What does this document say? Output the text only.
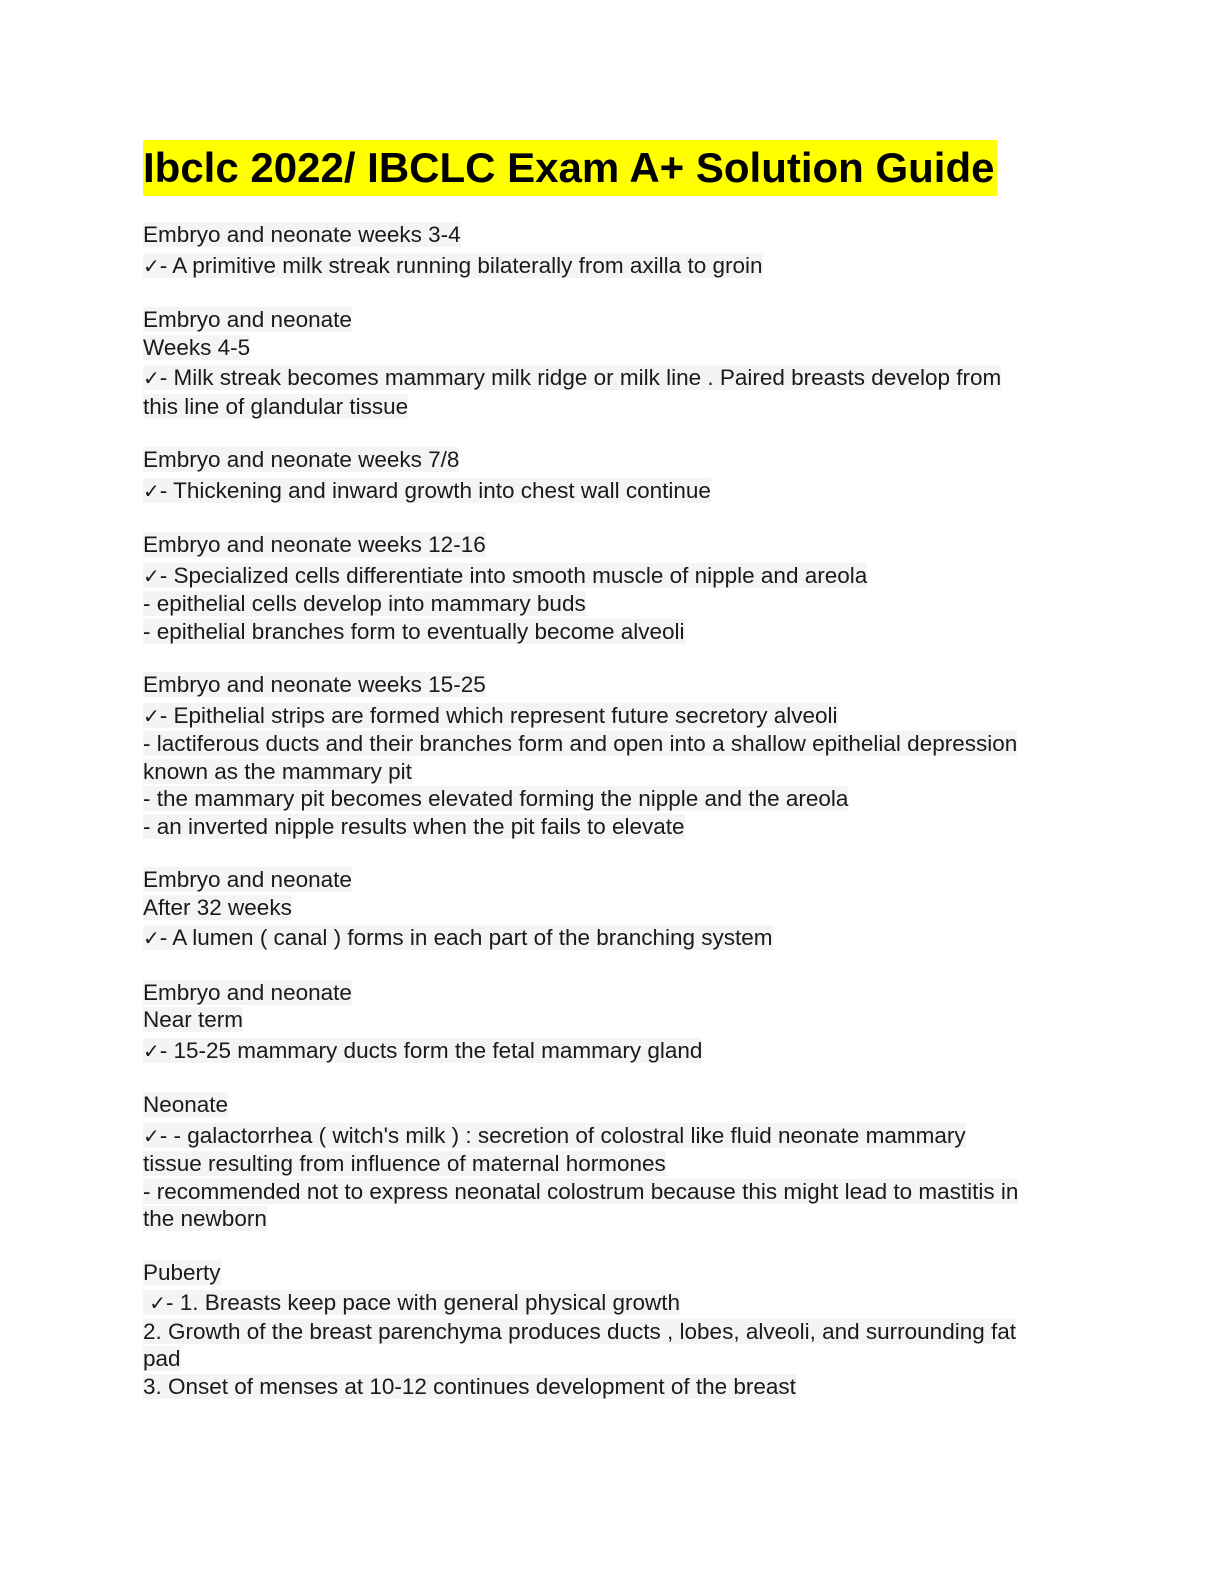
Ibclc 2022/ IBCLC Exam A+ Solution Guide
Embryo and neonate weeks 3-4
✓- A primitive milk streak running bilaterally from axilla to groin
Embryo and neonate
Weeks 4-5
✓- Milk streak becomes mammary milk ridge or milk line . Paired breasts develop from
this line of glandular tissue
Embryo and neonate weeks 7/8
✓- Thickening and inward growth into chest wall continue
Embryo and neonate weeks 12-16
✓- Specialized cells differentiate into smooth muscle of nipple and areola
- epithelial cells develop into mammary buds
- epithelial branches form to eventually become alveoli
Embryo and neonate weeks 15-25
✓- Epithelial strips are formed which represent future secretory alveoli
- lactiferous ducts and their branches form and open into a shallow epithelial depression
known as the mammary pit
- the mammary pit becomes elevated forming the nipple and the areola
- an inverted nipple results when the pit fails to elevate
Embryo and neonate
After 32 weeks
✓- A lumen ( canal ) forms in each part of the branching system
Embryo and neonate
Near term
✓- 15-25 mammary ducts form the fetal mammary gland
Neonate
✓- - galactorrhea ( witch's milk ) : secretion of colostral like fluid neonate mammary
tissue resulting from influence of maternal hormones
- recommended not to express neonatal colostrum because this might lead to mastitis in
the newborn
Puberty
✓- 1. Breasts keep pace with general physical growth
2. Growth of the breast parenchyma produces ducts , lobes, alveoli, and surrounding fat
pad
3. Onset of menses at 10-12 continues development of the breast
